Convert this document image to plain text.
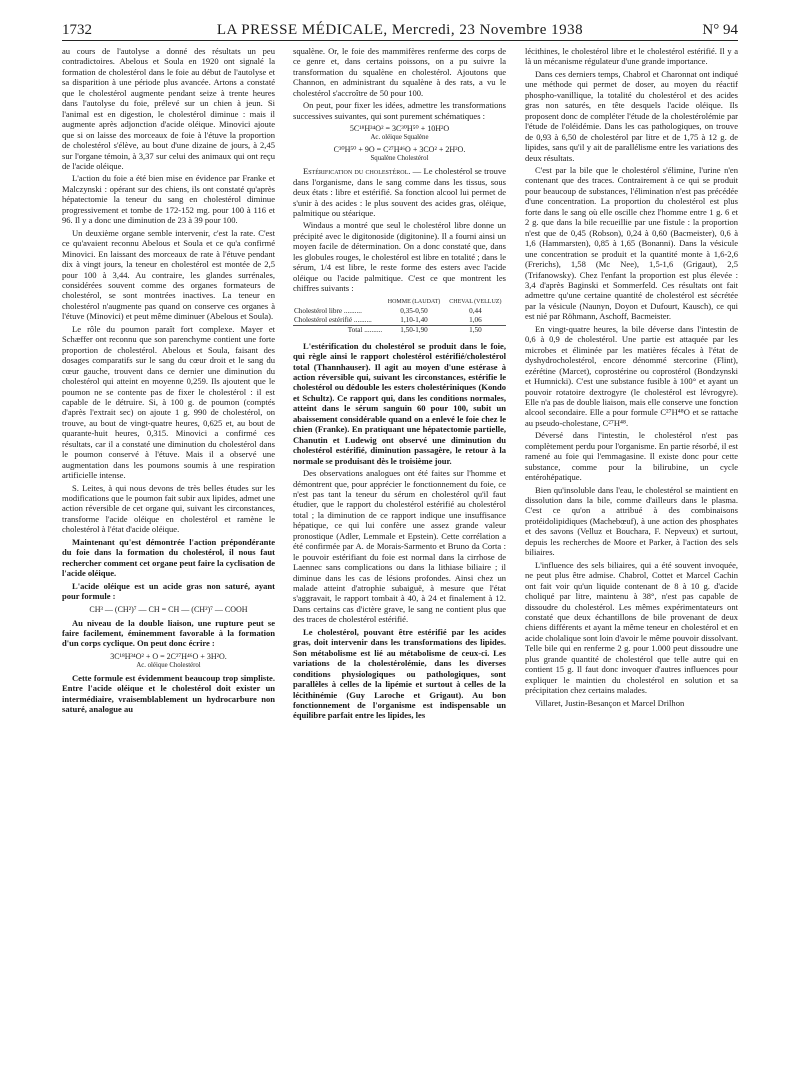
1732	LA PRESSE MÉDICALE, Mercredi, 23 Novembre 1938	N° 94

au cours de l'autolyse a donné des résultats un peu contradictoires. Abelous et Soula en 1920 ont signalé la formation de cholestérol dans le foie au début de l'autolyse et sa disparition à une période plus avancée. Artons a constaté que le cholestérol augmente pendant seize à trente heures dans l'autolyse du foie, prélevé sur un chien à jeun. Si l'animal est en digestion, le cholestérol diminue : mais il augmente après adjonction d'acide oléique. Minovici ajoute que si on laisse des morceaux de foie à l'étuve la proportion de cholestérol s'élève, au bout d'une dizaine de jours, à 2,45 sur l'organe témoin, à 3,37 sur celui des animaux qui ont reçu de l'acide oléique.

L'action du foie a été bien mise en évidence par Franke et Malczynski : opérant sur des chiens, ils ont constaté qu'après hépatectomie la teneur du sang en cholestérol diminue progressivement et tombe de 172-152 mg. pour 100 à 116 et 96. Il y a donc une diminution de 23 à 39 pour 100.

Un deuxième organe semble intervenir, c'est la rate. C'est ce qu'avaient reconnu Abelous et Soula et ce qu'a confirmé Minovici. En laissant des morceaux de rate à l'étuve pendant dix à vingt jours, la teneur en cholestérol est montée de 2,5 pour 100 à 3,44. Au contraire, les glandes surrénales, considérées souvent comme des organes formateurs de cholestérol, se sont montrées inactives. La teneur en cholestérol n'augmente pas quand on conserve ces organes à l'étuve (Minovici) et peut même diminuer (Abelous et Soula).

Le rôle du poumon paraît fort complexe. Mayer et Schæffer ont reconnu que son parenchyme contient une forte proportion de cholestérol. Abelous et Soula, faisant des dosages comparatifs sur le sang du cœur droit et le sang du cœur gauche, trouvent dans ce dernier une diminution du cholestérol qui atteint en moyenne 0,259. Ils ajoutent que le poumon ne se contente pas de fixer le cholestérol : il est capable de le détruire. Si, à 100 g. de poumon (comptés d'après l'extrait sec) on ajoute 1 g. 990 de cholestérol, on trouve, au bout de vingt-quatre heures, 0,625 et, au bout de quarante-huit heures, 0,315. Minovici a confirmé ces résultats, car il a constaté une diminution du cholestérol dans le poumon conservé à l'étuve. Mais il a observé une augmentation dans les poumons soumis à une respiration artificielle intense.

S. Leites, à qui nous devons de très belles études sur les modifications que le poumon fait subir aux lipides, admet une action réversible de cet organe qui, suivant les circonstances, transforme l'acide oléique en cholestérol et ramène le cholestérol à l'état d'acide oléique.

Maintenant qu'est démontrée l'action prépondérante du foie dans la formation du cholestérol, il nous faut rechercher comment cet organe peut faire la cyclisation de l'acide oléique.

L'acide oléique est un acide gras non saturé, ayant pour formule :

CH³ — (CH²)⁷ — CH = CH — (CH²)⁷ — COOH

Au niveau de la double liaison, une rupture peut se faire facilement, éminemment favorable à la formation d'un corps cyclique. On peut donc écrire :

3C¹⁸H³⁴O² + O = 2C²⁷H⁴⁶O + 3H²O.
Ac. oléique Cholestérol

Cette formule est évidemment beaucoup trop simpliste. Entre l'acide oléique et le cholestérol doit exister un intermédiaire, vraisemblablement un hydrocarbure non saturé, analogue au

squalène. Or, le foie des mammifères renferme des corps de ce genre et, dans certains poissons, on a pu suivre la transformation du squalène en cholestérol. Ajoutons que Channon, en administrant du squalène à des rats, a vu le cholestérol s'accroître de 50 pour 100.

On peut, pour fixer les idées, admettre les transformations successives suivantes, qui sont purement schématiques :

5C¹⁸H³⁴O² = 3C³⁰H⁵⁰ + 10H²O
Ac. oléique Squalène
C³⁰H⁵⁰ + 9O = C²⁷H⁴⁶O + 3CO² + 2H²O.
Squalène Cholestérol

Estérification du cholestérol. — Le cholestérol se trouve dans l'organisme, dans le sang comme dans les tissus, sous deux états : libre et estérifié. Sa fonction alcool lui permet de s'unir à des acides : le plus souvent des acides gras, oléique, palmitique ou stéarique.

Windaus a montré que seul le cholestérol libre donne un précipité avec le digitonoside (digitonine). Il a fourni ainsi un moyen facile de détermination. On a donc constaté que, dans les globules rouges, le cholestérol est libre en totalité ; dans le sérum, 1/4 est libre, le reste forme des esters avec l'acide oléique ou l'acide palmitique. C'est ce que montrent les chiffres suivants :

	HOMME (LAUDAT)	CHEVAL (VELLUZ)
Cholestérol libre ..........	0,35-0,50	0,44
Cholestérol estérifié ..........	1,10-1,40	1,06
Total ..........	1,50-1,90	1,50

L'estérification du cholestérol se produit dans le foie, qui règle ainsi le rapport cholestérol estérifié/cholestérol total (Thannhauser). Il agit au moyen d'une estérase à action réversible qui, suivant les circonstances, estérifie le cholestérol ou dédouble les esters cholestériniques (Kondo et Schultz). Ce rapport qui, dans les conditions normales, atteint dans le sérum sanguin 60 pour 100, subit un abaissement considérable quand on a enlevé le foie chez le chien (Franke). En pratiquant une hépatectomie partielle, Chanutin et Ludewig ont observé une diminution du cholestérol estérifié, diminution passagère, le retour à la normale se produisant dès le troisième jour.

Des observations analogues ont été faites sur l'homme et démontrent que, pour apprécier le fonctionnement du foie, ce n'est pas tant la teneur du sérum en cholestérol qu'il faut étudier, que le rapport du cholestérol estérifié au cholestérol total ; la diminution de ce rapport indique une insuffisance hépatique, ce qui lui confère une assez grande valeur pronostique (Adler, Lemmale et Epstein). Cette corrélation a été confirmée par A. de Morais-Sarmento et Bruno da Corta : le pouvoir estérifiant du foie est normal dans la cirrhose de Laennec sans complications ou dans la lithiase biliaire ; il diminue dans les cas de lésions profondes. Ainsi chez un malade atteint d'atrophie subaiguë, à mesure que l'état s'aggravait, le rapport tombait à 40, à 24 et finalement à 12. Dans certains cas d'ictère grave, le sang ne contient plus que des traces de cholestérol estérifié.

Le cholestérol, pouvant être estérifié par les acides gras, doit intervenir dans les transformations des lipides. Son métabolisme est lié au métabolisme de ceux-ci. Les variations de la cholestérolémie, dans les diverses conditions physiologiques ou pathologiques, sont parallèles à celles de la lipémie et surtout à celles de la lécithinémie (Guy Laroche et Grigaut). Au bon fonctionnement de l'organisme est indispensable un équilibre parfait entre les lipides, les

lécithines, le cholestérol libre et le cholestérol estérifié. Il y a là un mécanisme régulateur d'une grande importance.

Dans ces derniers temps, Chabrol et Charonnat ont indiqué une méthode qui permet de doser, au moyen du réactif phospho-vanillique, la totalité du cholestérol et des acides gras non saturés, en tête desquels l'acide oléique. Ils proposent donc de compléter l'étude de la cholestérolémie par l'étude de l'oléidémie. Dans les cas pathologiques, on trouve de 0,93 à 6,50 de cholestérol par litre et de 1,75 à 12 g. de lipides, sans qu'il y ait de parallélisme entre les variations des deux résultats.

C'est par la bile que le cholestérol s'élimine, l'urine n'en contenant que des traces. Contrairement à ce qui se produit pour beaucoup de substances, l'élimination n'est pas précédée d'une concentration. La proportion du cholestérol est plus forte dans le sang où elle oscille chez l'homme entre 1 g. 6 et 2 g. que dans la bile recueillie par une fistule : la proportion n'est que de 0,45 (Robson), 0,24 à 0,60 (Bacmeister), 0,6 à 1,6 (Hammarsten), 0,85 à 1,65 (Bonanni). Dans la vésicule une concentration se produit et la quantité monte à 1,6-2,6 (Frerichs), 1,58 (Mc Nee), 1,5-1,6 (Grigaut), 2,5 (Trifanowsky). Chez l'enfant la proportion est plus élevée : 3,4 d'après Baginski et Sommerfeld. Ces résultats ont fait admettre qu'une certaine quantité de cholestérol est sécrétée par la vésicule (Naunyn, Doyon et Dufourt, Kausch), ce qui est nié par Röhmann, Aschoff, Bacmeister.

En vingt-quatre heures, la bile déverse dans l'intestin de 0,6 à 0,9 de cholestérol. Une partie est attaquée par les microbes et éliminée par les matières fécales à l'état de dyshydrocholestérol, encore dénommé stercorine (Flint), ezérétine (Marcet), coprostérine ou coprostérol (Bondzynski et Humnicki). C'est une substance fusible à 100° et ayant un pouvoir rotatoire dextrogyre (le cholestérol est lévrogyre). Elle n'a pas de double liaison, mais elle conserve une fonction alcool secondaire. Elle a pour formule C²⁷H⁴⁸O et se rattache au pseudo-cholestane, C²⁷H⁴⁸.

Déversé dans l'intestin, le cholestérol n'est pas complètement perdu pour l'organisme. En partie résorbé, il est ramené au foie qui l'emmagasine. Il existe donc pour cette substance, comme pour la bilirubine, un cycle entérohépatique.

Bien qu'insoluble dans l'eau, le cholestérol se maintient en dissolution dans la bile, comme d'ailleurs dans le plasma. C'est ce qu'on a attribué à des combinaisons protéidolipidiques (Machebœuf), à une action des phosphates et des savons (Velluz et Bouchara, F. Nepveux) et surtout, depuis les recherches de Moore et Parker, à l'action des sels biliaires.

L'influence des sels biliaires, qui a été souvent invoquée, ne peut plus être admise. Chabrol, Cottet et Marcel Cachin ont fait voir qu'un liquide contenant de 8 à 10 g. d'acide choliqué par litre, maintenu à 38°, n'est pas capable de dissoudre du cholestérol. Les mêmes expérimentateurs ont constaté que deux échantillons de bile provenant de deux chiens différents et ayant la même teneur en cholestérol et en acide cholalique sont loin d'avoir le même pouvoir dissolvant. Telle bile qui en renferme 2 g. pour 1.000 peut dissoudre une plus grande quantité de cholestérol que telle autre qui en contient 15 g. Il faut donc invoquer d'autres influences pour expliquer le maintien du cholestérol en solution et sa précipitation chez certains malades.

Villaret, Justin-Besançon et Marcel Drilhon
